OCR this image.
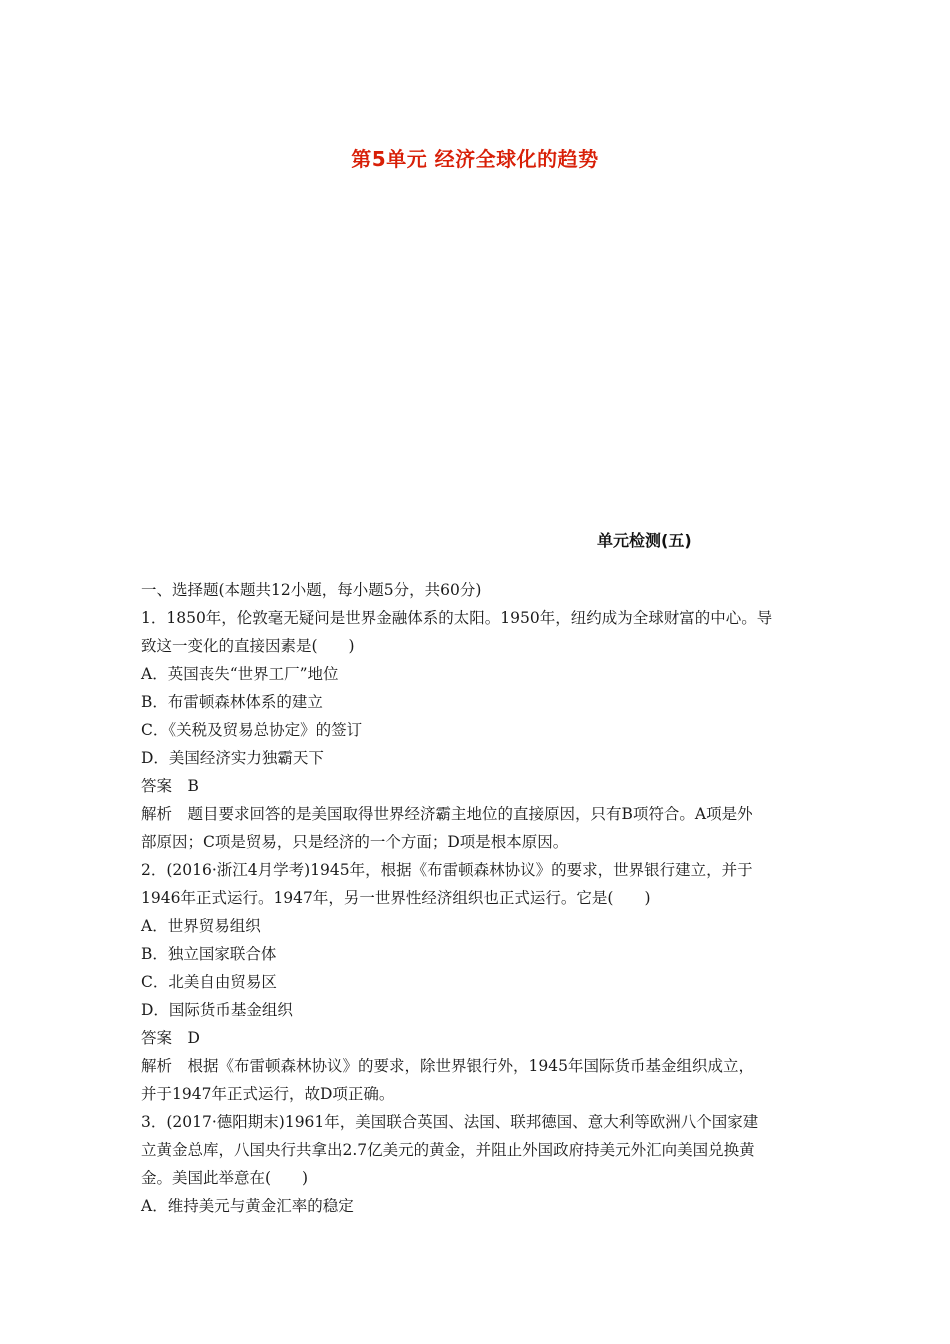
第5单元 经济全球化的趋势
单元检测(五)
一、选择题(本题共12小题，每小题5分，共60分)
1．1850年，伦敦毫无疑问是世界金融体系的太阳。1950年，纽约成为全球财富的中心。导
致这一变化的直接因素是(　　)
A．英国丧失“世界工厂”地位
B．布雷顿森林体系的建立
C．《关税及贸易总协定》的签订
D．美国经济实力独霸天下
答案　B
解析　题目要求回答的是美国取得世界经济霸主地位的直接原因，只有B项符合。A项是外
部原因；C项是贸易，只是经济的一个方面；D项是根本原因。
2．(2016·浙江4月学考)1945年，根据《布雷顿森林协议》的要求，世界银行建立，并于
1946年正式运行。1947年，另一世界性经济组织也正式运行。它是(　　)
A．世界贸易组织
B．独立国家联合体
C．北美自由贸易区
D．国际货币基金组织
答案　D
解析　根据《布雷顿森林协议》的要求，除世界银行外，1945年国际货币基金组织成立，
并于1947年正式运行，故D项正确。
3．(2017·德阳期末)1961年，美国联合英国、法国、联邦德国、意大利等欧洲八个国家建
立黄金总库，八国央行共拿出2.7亿美元的黄金，并阻止外国政府持美元外汇向美国兑换黄
金。美国此举意在(　　)
A．维持美元与黄金汇率的稳定
